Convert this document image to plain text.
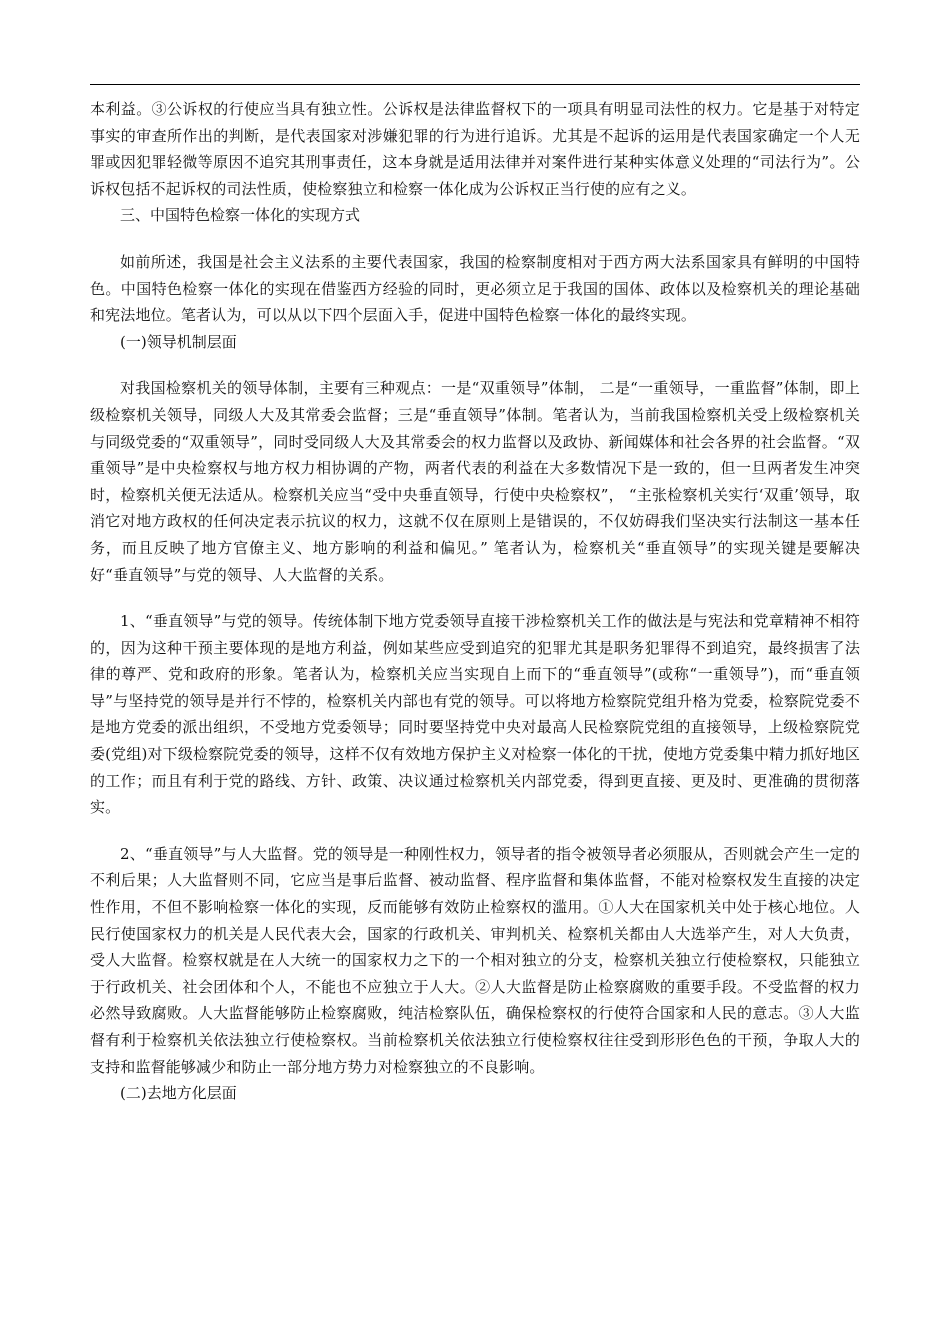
本利益。③公诉权的行使应当具有独立性。公诉权是法律监督权下的一项具有明显司法性的权力。它是基于对特定事实的审查所作出的判断，是代表国家对涉嫌犯罪的行为进行追诉。尤其是不起诉的运用是代表国家确定一个人无罪或因犯罪轻微等原因不追究其刑事责任，这本身就是适用法律并对案件进行某种实体意义处理的“司法行为”。公诉权包括不起诉权的司法性质，使检察独立和检察一体化成为公诉权正当行使的应有之义。

三、中国特色检察一体化的实现方式

如前所述，我国是社会主义法系的主要代表国家，我国的检察制度相对于西方两大法系国家具有鲜明的中国特色。中国特色检察一体化的实现在借鉴西方经验的同时，更必须立足于我国的国体、政体以及检察机关的理论基础和宪法地位。笔者认为，可以从以下四个层面入手，促进中国特色检察一体化的最终实现。

(一)领导机制层面

对我国检察机关的领导体制，主要有三种观点：一是“双重领导”体制， 二是“一重领导，一重监督”体制，即上级检察机关领导，同级人大及其常委会监督；三是“垂直领导”体制。笔者认为，当前我国检察机关受上级检察机关与同级党委的“双重领导”，同时受同级人大及其常委会的权力监督以及政协、新闻媒体和社会各界的社会监督。“双重领导”是中央检察权与地方权力相协调的产物，两者代表的利益在大多数情况下是一致的，但一旦两者发生冲突时，检察机关便无法适从。检察机关应当“受中央垂直领导，行使中央检察权”， “主张检察机关实行‘双重’领导，取消它对地方政权的任何决定表示抗议的权力，这就不仅在原则上是错误的，不仅妨碍我们坚决实行法制这一基本任务，而且反映了地方官僚主义、地方影响的利益和偏见。” 笔者认为，检察机关“垂直领导”的实现关键是要解决好“垂直领导”与党的领导、人大监督的关系。

1、“垂直领导”与党的领导。传统体制下地方党委领导直接干涉检察机关工作的做法是与宪法和党章精神不相符的，因为这种干预主要体现的是地方利益，例如某些应受到追究的犯罪尤其是职务犯罪得不到追究，最终损害了法律的尊严、党和政府的形象。笔者认为，检察机关应当实现自上而下的“垂直领导”(或称“一重领导”)，而“垂直领导”与坚持党的领导是并行不悖的，检察机关内部也有党的领导。可以将地方检察院党组升格为党委，检察院党委不是地方党委的派出组织，不受地方党委领导；同时要坚持党中央对最高人民检察院党组的直接领导，上级检察院党委(党组)对下级检察院党委的领导，这样不仅有效地方保护主义对检察一体化的干扰，使地方党委集中精力抓好地区的工作；而且有利于党的路线、方针、政策、决议通过检察机关内部党委，得到更直接、更及时、更准确的贯彻落实。

2、“垂直领导”与人大监督。党的领导是一种刚性权力，领导者的指令被领导者必须服从，否则就会产生一定的不利后果；人大监督则不同，它应当是事后监督、被动监督、程序监督和集体监督，不能对检察权发生直接的决定性作用，不但不影响检察一体化的实现，反而能够有效防止检察权的滥用。①人大在国家机关中处于核心地位。人民行使国家权力的机关是人民代表大会，国家的行政机关、审判机关、检察机关都由人大选举产生，对人大负责，受人大监督。检察权就是在人大统一的国家权力之下的一个相对独立的分支，检察机关独立行使检察权，只能独立于行政机关、社会团体和个人，不能也不应独立于人大。②人大监督是防止检察腐败的重要手段。不受监督的权力必然导致腐败。人大监督能够防止检察腐败，纯洁检察队伍，确保检察权的行使符合国家和人民的意志。③人大监督有利于检察机关依法独立行使检察权。当前检察机关依法独立行使检察权往往受到形形色色的干预，争取人大的支持和监督能够减少和防止一部分地方势力对检察独立的不良影响。

(二)去地方化层面
